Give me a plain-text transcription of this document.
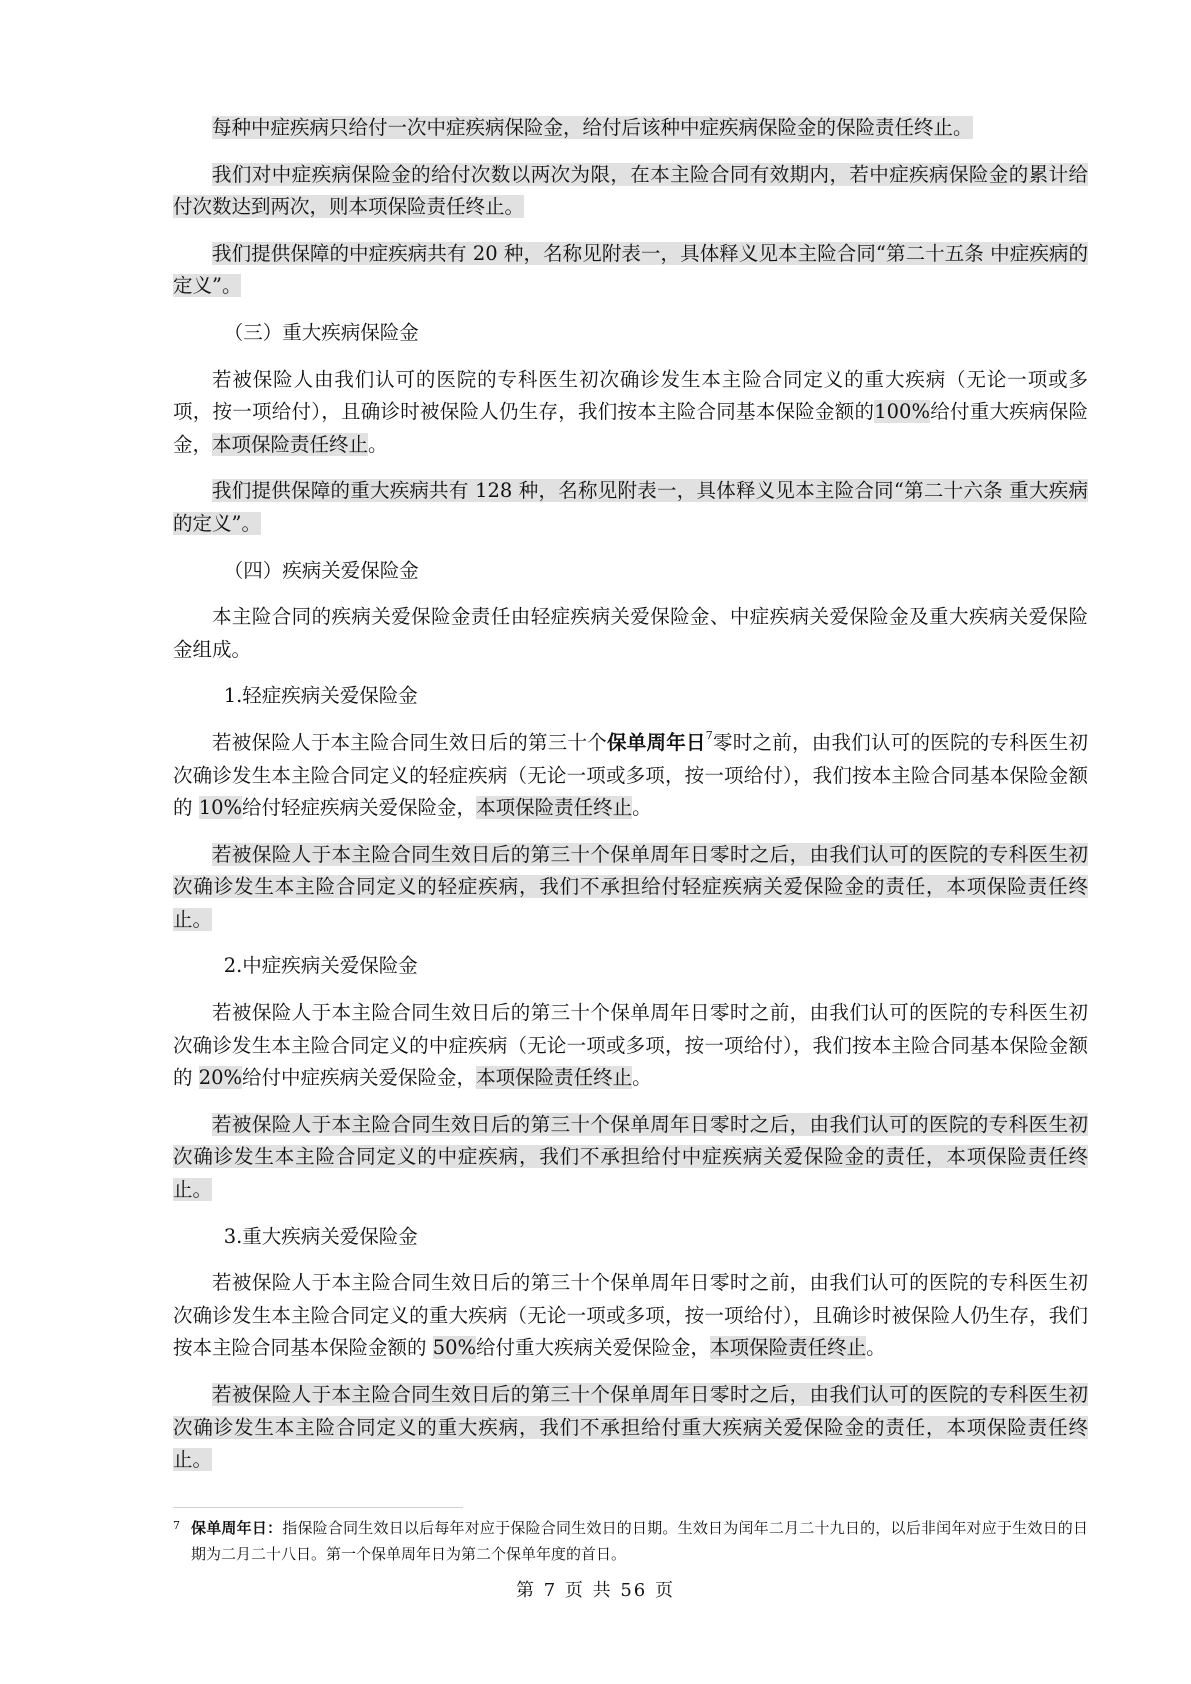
每种中症疾病只给付一次中症疾病保险金，给付后该种中症疾病保险金的保险责任终止。

我们对中症疾病保险金的给付次数以两次为限，在本主险合同有效期内，若中症疾病保险金的累计给付次数达到两次，则本项保险责任终止。

我们提供保障的中症疾病共有 20 种，名称见附表一，具体释义见本主险合同“第二十五条 中症疾病的定义”。

（三）重大疾病保险金

若被保险人由我们认可的医院的专科医生初次确诊发生本主险合同定义的重大疾病（无论一项或多项，按一项给付），且确诊时被保险人仍生存，我们按本主险合同基本保险金额的100%给付重大疾病保险金，本项保险责任终止。

我们提供保障的重大疾病共有 128 种，名称见附表一，具体释义见本主险合同“第二十六条 重大疾病的定义”。

（四）疾病关爱保险金

本主险合同的疾病关爱保险金责任由轻症疾病关爱保险金、中症疾病关爱保险金及重大疾病关爱保险金组成。

1.轻症疾病关爱保险金

若被保险人于本主险合同生效日后的第三十个保单周年日$^7$零时之前，由我们认可的医院的专科医生初次确诊发生本主险合同定义的轻症疾病（无论一项或多项，按一项给付），我们按本主险合同基本保险金额的 10%给付轻症疾病关爱保险金，本项保险责任终止。

若被保险人于本主险合同生效日后的第三十个保单周年日零时之后，由我们认可的医院的专科医生初次确诊发生本主险合同定义的轻症疾病，我们不承担给付轻症疾病关爱保险金的责任，本项保险责任终止。

2.中症疾病关爱保险金

若被保险人于本主险合同生效日后的第三十个保单周年日零时之前，由我们认可的医院的专科医生初次确诊发生本主险合同定义的中症疾病（无论一项或多项，按一项给付），我们按本主险合同基本保险金额的 20%给付中症疾病关爱保险金，本项保险责任终止。

若被保险人于本主险合同生效日后的第三十个保单周年日零时之后，由我们认可的医院的专科医生初次确诊发生本主险合同定义的中症疾病，我们不承担给付中症疾病关爱保险金的责任，本项保险责任终止。

3.重大疾病关爱保险金

若被保险人于本主险合同生效日后的第三十个保单周年日零时之前，由我们认可的医院的专科医生初次确诊发生本主险合同定义的重大疾病（无论一项或多项，按一项给付），且确诊时被保险人仍生存，我们按本主险合同基本保险金额的 50%给付重大疾病关爱保险金，本项保险责任终止。

若被保险人于本主险合同生效日后的第三十个保单周年日零时之后，由我们认可的医院的专科医生初次确诊发生本主险合同定义的重大疾病，我们不承担给付重大疾病关爱保险金的责任，本项保险责任终止。

7 保单周年日：指保险合同生效日以后每年对应于保险合同生效日的日期。生效日为闰年二月二十九日的，以后非闰年对应于生效日的日期为二月二十八日。第一个保单周年日为第二个保单年度的首日。
第 7 页 共 56 页
